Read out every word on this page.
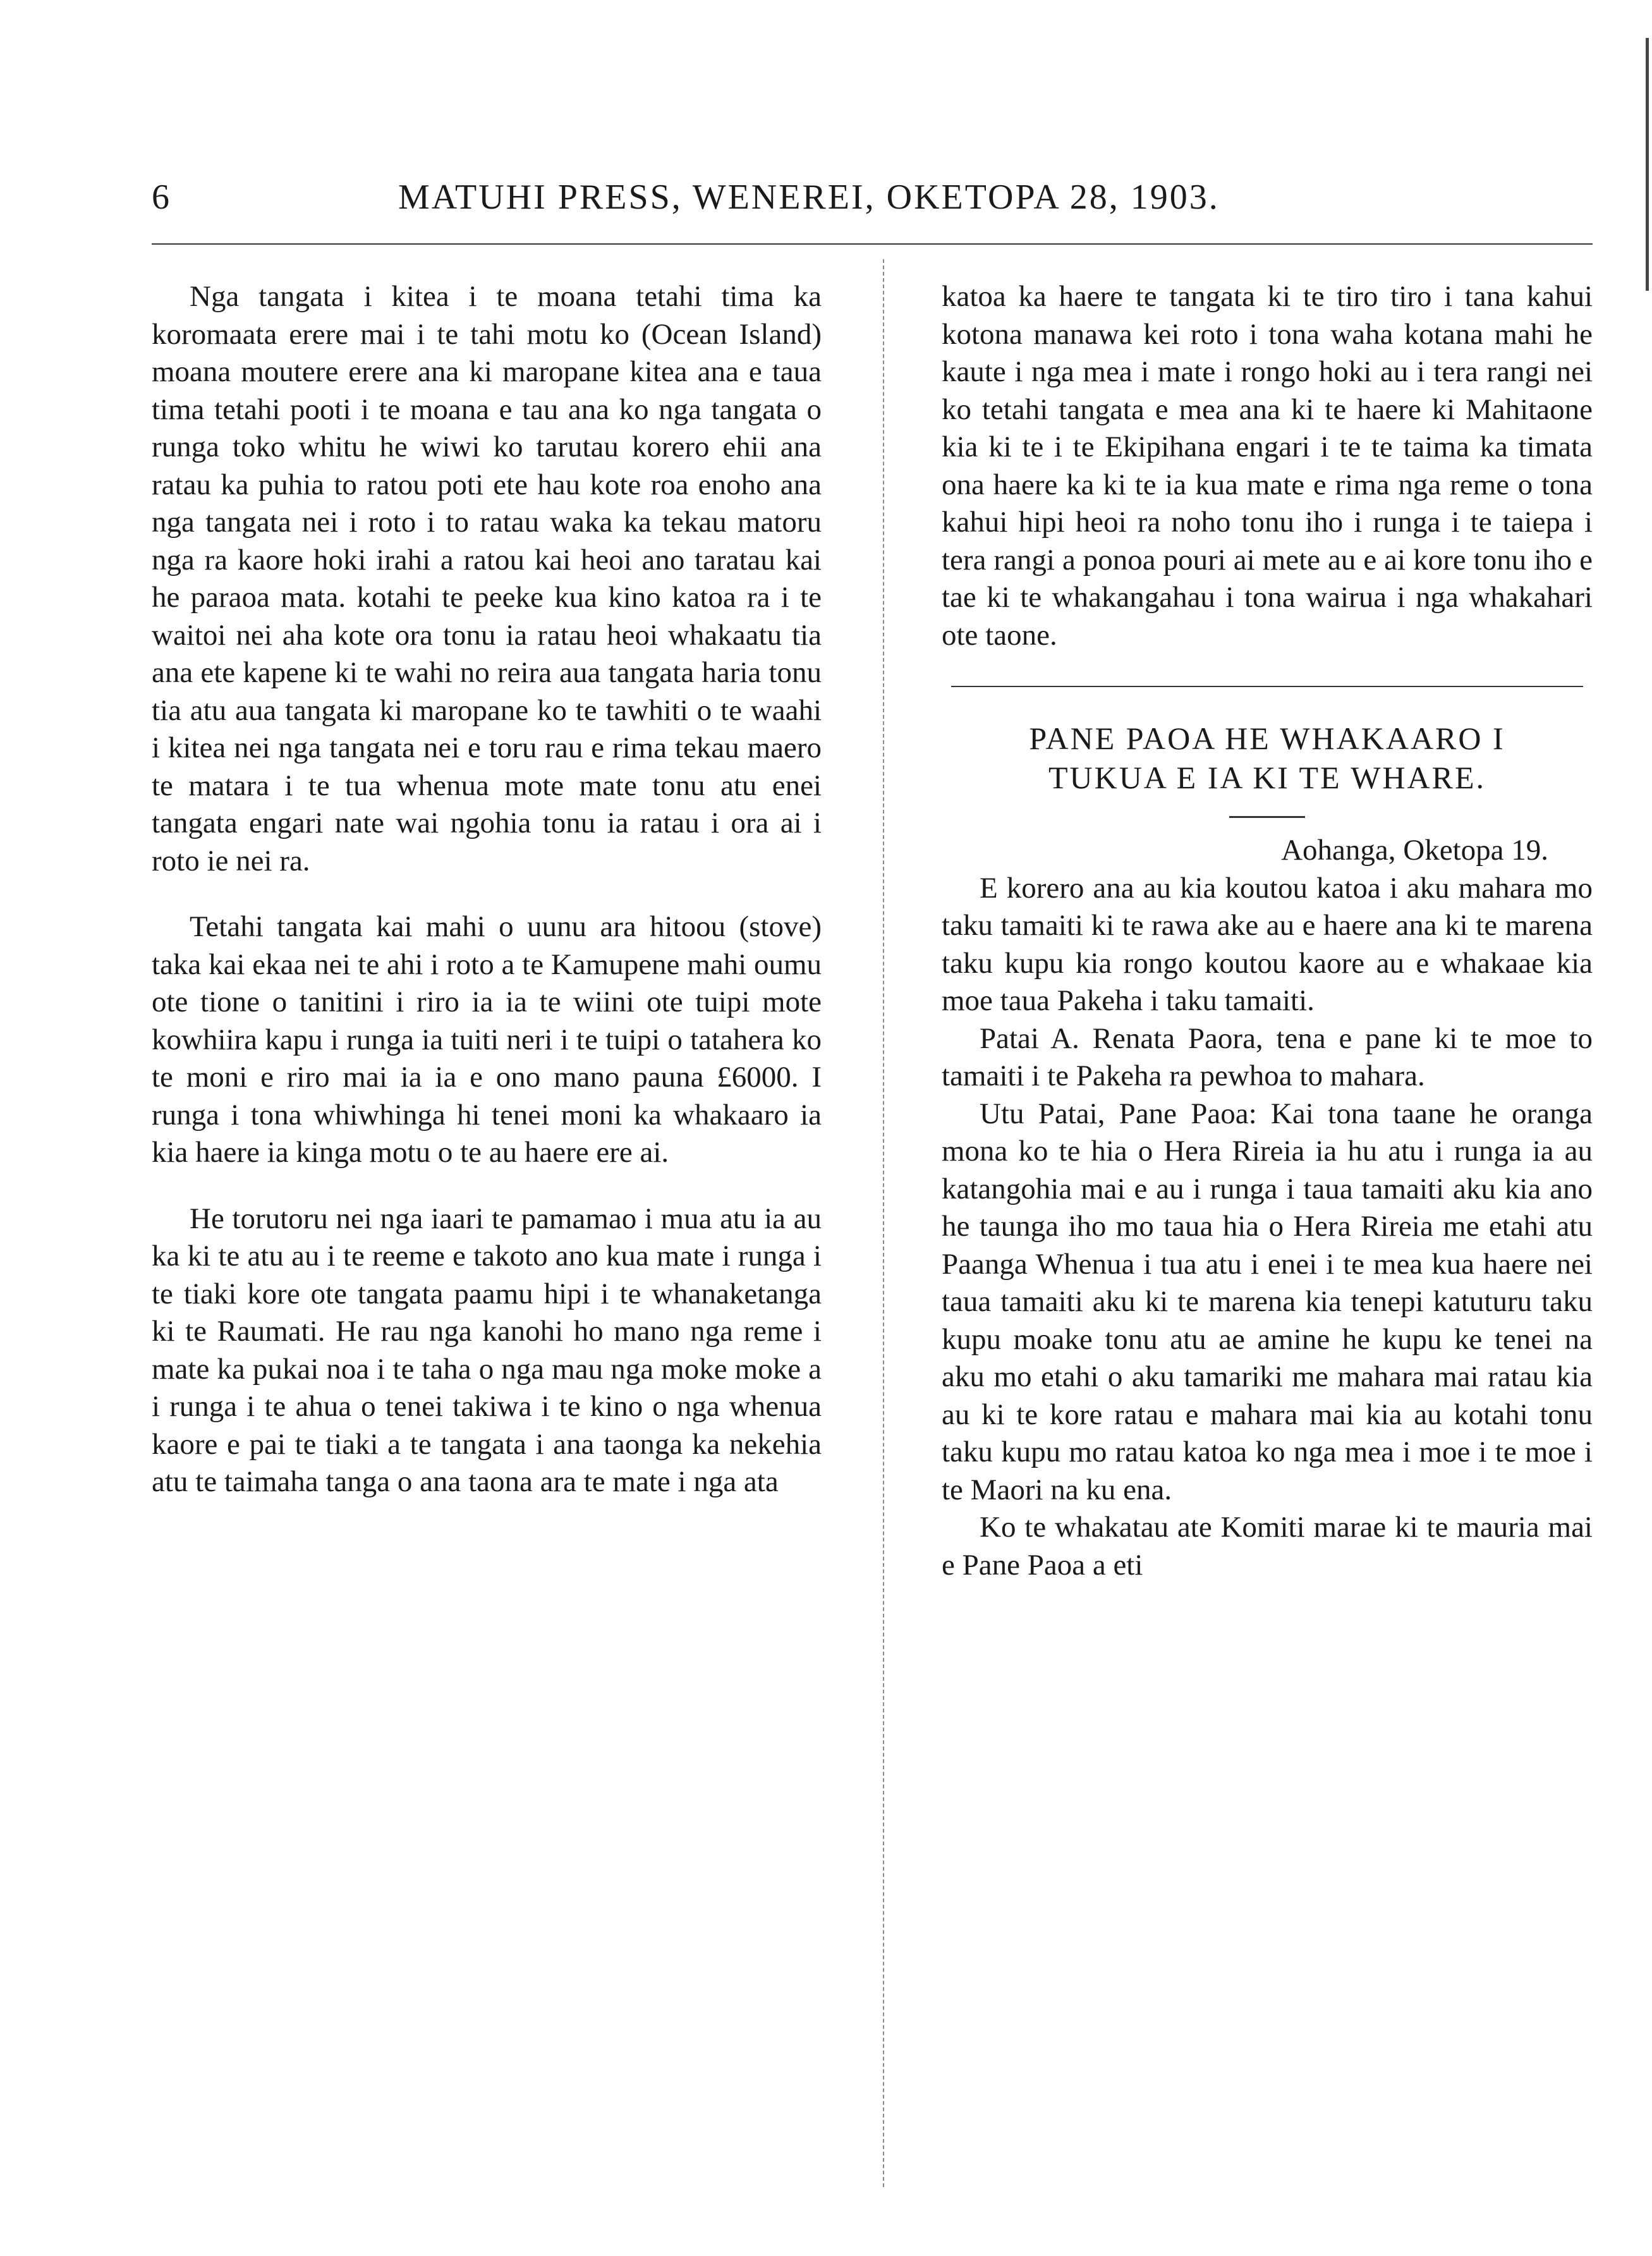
6	MATUHI PRESS, WENEREI, OKETOPA 28, 1903.

Nga tangata i kitea i te moana tetahi tima ka koromaata erere mai i te tahi motu ko (Ocean Island) moana moutere erere ana ki maropane kitea ana e taua tima tetahi pooti i te moana e tau ana ko nga tangata o runga toko whitu he wiwi ko tarutau korero ehii ana ratau ka puhia to ratou poti ete hau kote roa enoho ana nga tangata nei i roto i to ratau waka ka tekau matoru nga ra kaore hoki irahi a ratou kai heoi ano taratau kai he paraoa mata. kotahi te peeke kua kino katoa ra i te waitoi nei aha kote ora tonu ia ratau heoi whakaatu tia ana ete kapene ki te wahi no reira aua tangata haria tonu tia atu aua tangata ki maropane ko te tawhiti o te waahi i kitea nei nga tangata nei e toru rau e rima tekau maero te matara i te tua whenua mote mate tonu atu enei tangata engari nate wai ngohia tonu ia ratau i ora ai i roto ie nei ra.

Tetahi tangata kai mahi o uunu ara hitoou (stove) taka kai ekaa nei te ahi i roto a te Kamupene mahi oumu ote tione o tanitini i riro ia ia te wiini ote tuipi mote kowhiira kapu i runga ia tuiti neri i te tuipi o tatahera ko te moni e riro mai ia ia e ono mano pauna £6000. I runga i tona whiwhinga hi tenei moni ka whakaaro ia kia haere ia kinga motu o te au haere ere ai.

He torutoru nei nga iaari te pamamao i mua atu ia au ka ki te atu au i te reeme e takoto ano kua mate i runga i te tiaki kore ote tangata paamu hipi i te whanaketanga ki te Raumati. He rau nga kanohi ho mano nga reme i mate ka pukai noa i te taha o nga mau nga moke moke a i runga i te ahua o tenei takiwa i te kino o nga whenua kaore e pai te tiaki a te tangata i ana taonga ka nekehia atu te taimaha tanga o ana taona ara te mate i nga ata

katoa ka haere te tangata ki te tiro tiro i tana kahui kotona manawa kei roto i tona waha kotana mahi he kaute i nga mea i mate i rongo hoki au i tera rangi nei ko tetahi tangata e mea ana ki te haere ki Mahitaone kia ki te i te Ekipihana engari i te te taima ka timata ona haere ka ki te ia kua mate e rima nga reme o tona kahui hipi heoi ra noho tonu iho i runga i te taiepa i tera rangi a ponoa pouri ai mete au e ai kore tonu iho e tae ki te whakangahau i tona wairua i nga whakahari ote taone.

PANE PAOA HE WHAKAARO I
TUKUA E IA KI TE WHARE.
Aohanga, Oketopa 19.

E korero ana au kia koutou katoa i aku mahara mo taku tamaiti ki te rawa ake au e haere ana ki te marena taku kupu kia rongo koutou kaore au e whakaae kia moe taua Pakeha i taku tamaiti.

Patai A. Renata Paora, tena e pane ki te moe to tamaiti i te Pakeha ra pewhoa to mahara.

Utu Patai, Pane Paoa: Kai tona taane he oranga mona ko te hia o Hera Rireia ia hu atu i runga ia au katangohia mai e au i runga i taua tamaiti aku kia ano he taunga iho mo taua hia o Hera Rireia me etahi atu Paanga Whenua i tua atu i enei i te mea kua haere nei taua tamaiti aku ki te marena kia tenepi katuturu taku kupu moake tonu atu ae amine he kupu ke tenei na aku mo etahi o aku tamariki me mahara mai ratau kia au ki te kore ratau e mahara mai kia au kotahi tonu taku kupu mo ratau katoa ko nga mea i moe i te moe i te Maori na ku ena.

Ko te whakatau ate Komiti marae ki te mauria mai e Pane Paoa a eti
